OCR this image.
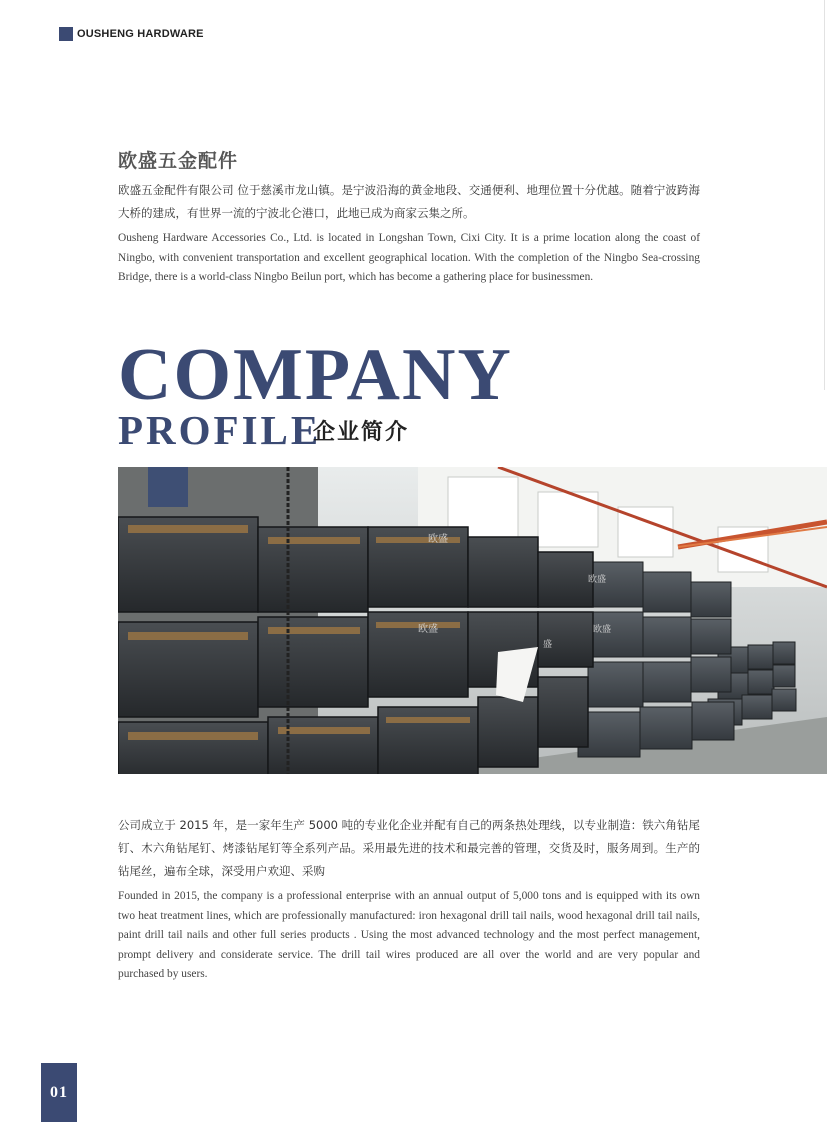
OUSHENG HARDWARE
欧盛五金配件

欧盛五金配件有限公司 位于慈溪市龙山镇。是宁波沿海的黄金地段、交通便利、地理位置十分优越。随着宁波跨海大桥的建成，有世界一流的宁波北仑港口，此地已成为商家云集之所。

Ousheng Hardware Accessories Co., Ltd. is located in Longshan Town, Cixi City. It is a prime location along the coast of Ningbo, with convenient transportation and excellent geographical location. With the completion of the Ningbo Sea-crossing Bridge, there is a world-class Ningbo Beilun port, which has become a gathering place for businessmen.

COMPANY
PROFILE
企业简介
欧盛
欧盛
欧盛
盛
欧盛

公司成立于 2015 年，是一家年生产 5000 吨的专业化企业并配有自己的两条热处理线，以专业制造：铁六角钻尾钉、木六角钻尾钉、烤漆钻尾钉等全系列产品。采用最先进的技术和最完善的管理，交货及时，服务周到。生产的钻尾丝，遍布全球，深受用户欢迎、采购

Founded in 2015, the company is a professional enterprise with an annual output of 5,000 tons and is equipped with its own two heat treatment lines, which are professionally manufactured: iron hexagonal drill tail nails, wood hexagonal drill tail nails, paint drill tail nails and other full series products . Using the most advanced technology and the most perfect management, prompt delivery and considerate service. The drill tail wires produced are all over the world and are very popular and purchased by users.

01
